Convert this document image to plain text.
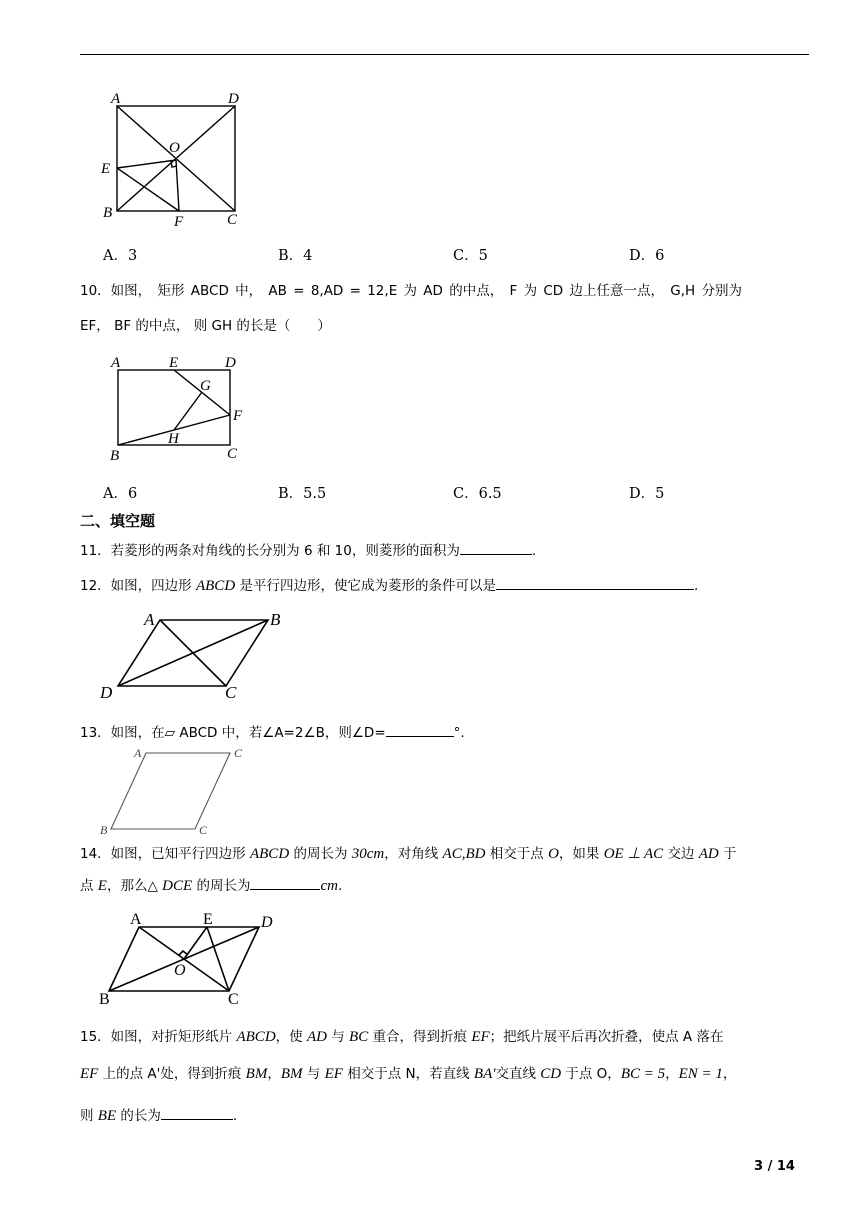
A	D
O
E
B
F	C
A．3	B．4	C．5	D．6
10．如图， 矩形 ABCD 中， AB = 8,AD = 12,E 为 AD 的中点， F 为 CD 边上任意一点， G,H 分别为
EF， BF 的中点， 则 GH 的长是（　　）
A	E	D
G
F
H
B	C
A．6	B．5.5	C．6.5	D．5
二、填空题
11．若菱形的两条对角线的长分别为 6 和 10，则菱形的面积为	.
12．如图，四边形 ABCD 是平行四边形，使它成为菱形的条件可以是	.
A	B
D	C
13．如图，在▱ ABCD 中，若∠A=2∠B，则∠D=	°.
A	C
B	C
14．如图，已知平行四边形 ABCD 的周长为 30cm，对角线 AC,BD 相交于点 O，如果 OE ⊥ AC 交边 AD 于
点 E，那么△ DCE 的周长为	cm.
A	E	D
O
B	C
15．如图，对折矩形纸片 ABCD，使 AD 与 BC 重合，得到折痕 EF；把纸片展平后再次折叠，使点 A 落在
EF 上的点 A'处，得到折痕 BM，BM 与 EF 相交于点 N，若直线 BA'交直线 CD 于点 O，BC = 5，EN = 1，
则 BE 的长为	.
3 / 14
